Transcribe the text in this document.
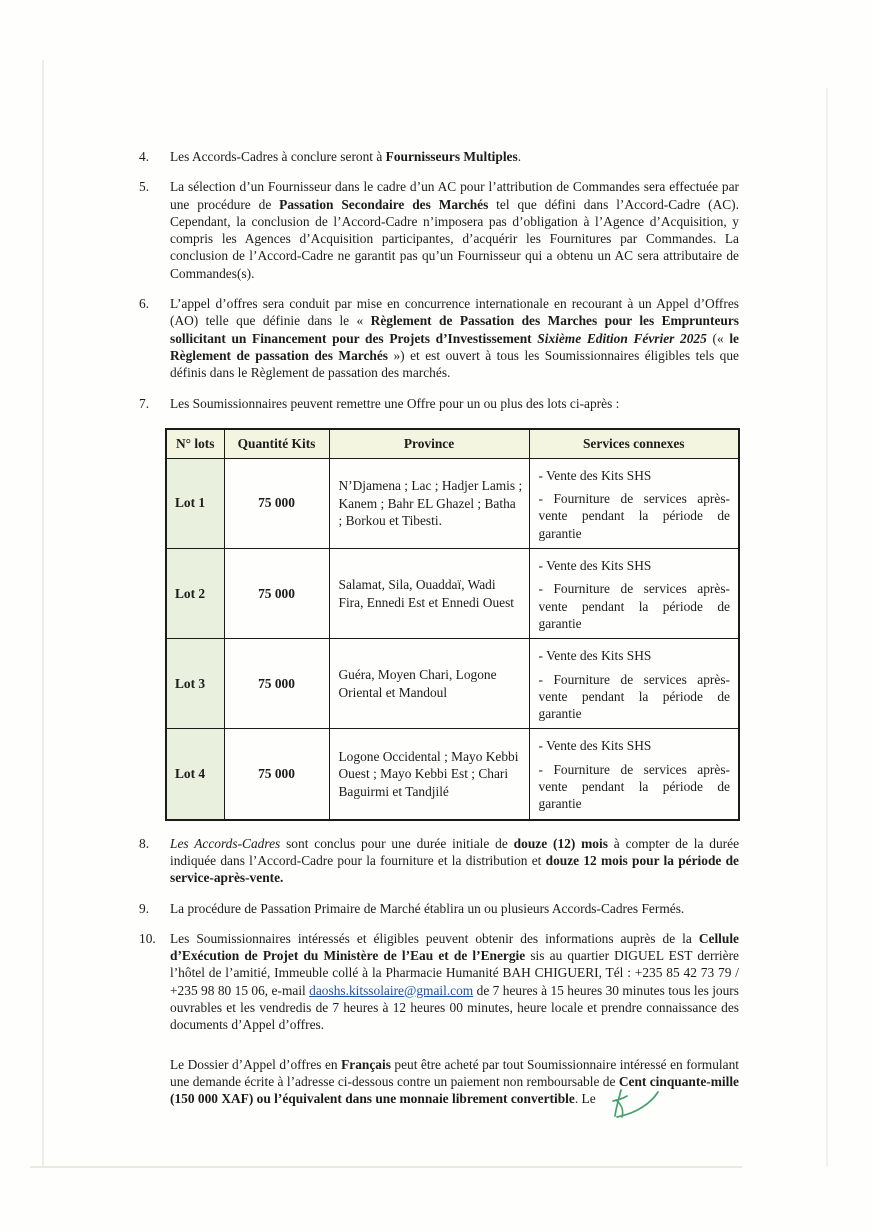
4.	Les Accords-Cadres à conclure seront à Fournisseurs Multiples.
5.	La sélection d’un Fournisseur dans le cadre d’un AC pour l’attribution de Commandes sera effectuée par une procédure de Passation Secondaire des Marchés tel que défini dans l’Accord-Cadre (AC). Cependant, la conclusion de l’Accord-Cadre n’imposera pas d’obligation à l’Agence d’Acquisition, y compris les Agences d’Acquisition participantes, d’acquérir les Fournitures par Commandes. La conclusion de l’Accord-Cadre ne garantit pas qu’un Fournisseur qui a obtenu un AC sera attributaire de Commandes(s).
6.	L’appel d’offres sera conduit par mise en concurrence internationale en recourant à un Appel d’Offres (AO) telle que définie dans le « Règlement de Passation des Marches pour les Emprunteurs sollicitant un Financement pour des Projets d’Investissement Sixième Edition Février 2025 (« le Règlement de passation des Marchés ») et est ouvert à tous les Soumissionnaires éligibles tels que définis dans le Règlement de passation des marchés.
7.	Les Soumissionnaires peuvent remettre une Offre pour un ou plus des lots ci-après :
N° lots	Quantité Kits	Province	Services connexes
Lot 1	75 000	N’Djamena ; Lac ; Hadjer Lamis ; Kanem ; Bahr EL Ghazel ; Batha ; Borkou et Tibesti.	- Vente des Kits SHS
- Fourniture de services après-vente pendant la période de garantie

Lot 2	75 000	Salamat, Sila, Ouaddaï, Wadi Fira, Ennedi Est et Ennedi Ouest	- Vente des Kits SHS
- Fourniture de services après-vente pendant la période de garantie

Lot 3	75 000	Guéra, Moyen Chari, Logone Oriental et Mandoul	- Vente des Kits SHS
- Fourniture de services après-vente pendant la période de garantie

Lot 4	75 000	Logone Occidental ; Mayo Kebbi Ouest ; Mayo Kebbi Est ; Chari Baguirmi et Tandjilé	- Vente des Kits SHS
- Fourniture de services après-vente pendant la période de garantie
8.	Les Accords-Cadres sont conclus pour une durée initiale de douze (12) mois à compter de la durée indiquée dans l’Accord-Cadre pour la fourniture et la distribution et douze 12 mois pour la période de service-après-vente.
9.	La procédure de Passation Primaire de Marché établira un ou plusieurs Accords-Cadres Fermés.
10.	Les Soumissionnaires intéressés et éligibles peuvent obtenir des informations auprès de la Cellule d’Exécution de Projet du Ministère de l’Eau et de l’Energie sis au quartier DIGUEL EST derrière l’hôtel de l’amitié, Immeuble collé à la Pharmacie Humanité BAH CHIGUERI, Tél : +235 85 42 73 79 / +235 98 80 15 06, e-mail daoshs.kitssolaire@gmail.com de 7 heures à 15 heures 30 minutes tous les jours ouvrables et les vendredis de 7 heures à 12 heures 00 minutes, heure locale et prendre connaissance des documents d’Appel d’offres.
Le Dossier d’Appel d’offres en Français peut être acheté par tout Soumissionnaire intéressé en formulant une demande écrite à l’adresse ci-dessous contre un paiement non remboursable de Cent cinquante-mille (150 000 XAF) ou l’équivalent dans une monnaie librement convertible. Le
